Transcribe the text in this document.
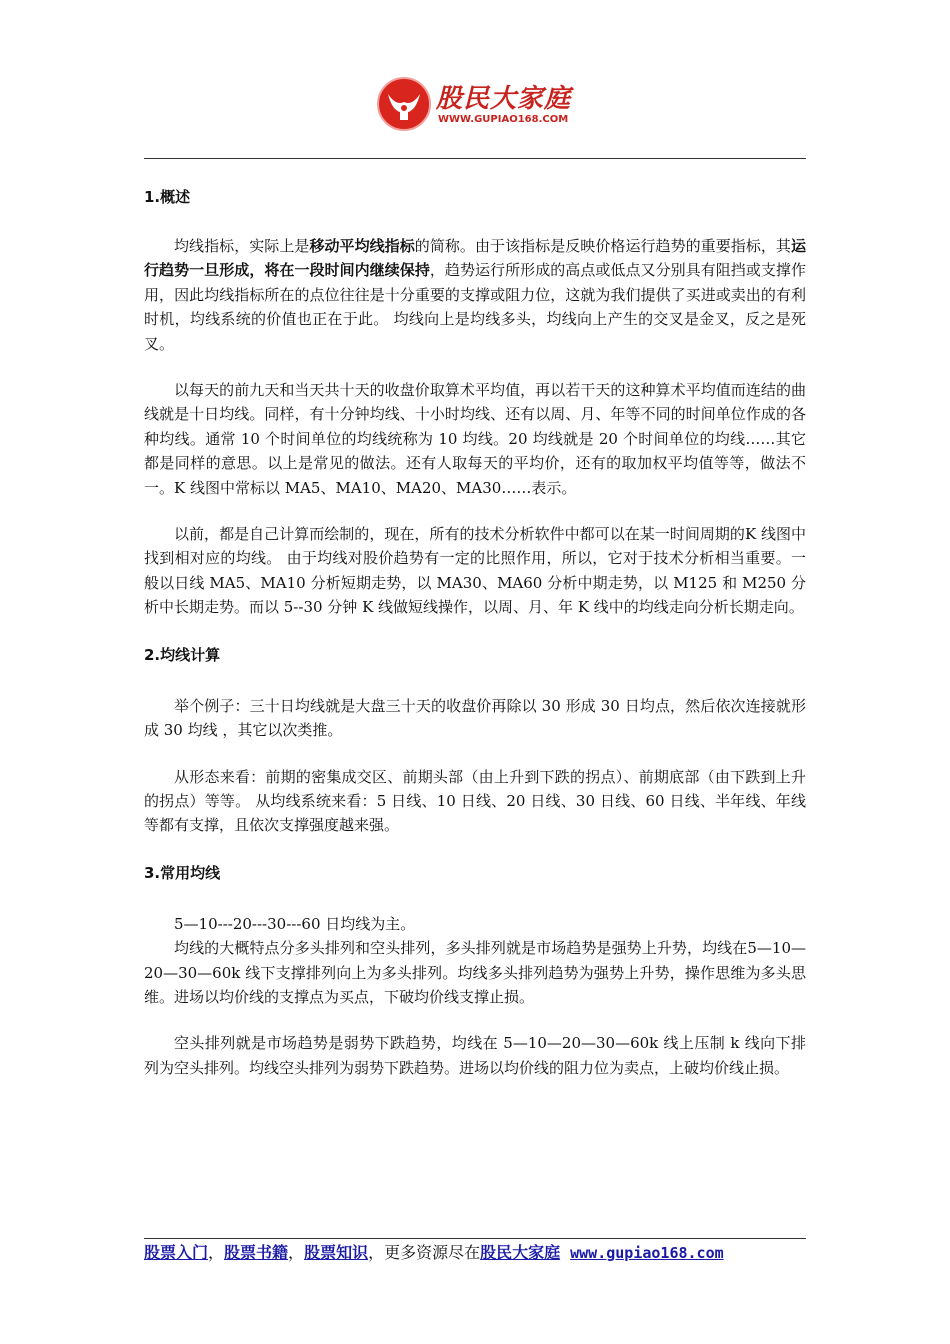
股民大家庭
WWW.GUPIAO168.COM
1.概述

均线指标，实际上是移动平均线指标的简称。由于该指标是反映价格运行趋势的重要指标，其运行趋势一旦形成，将在一段时间内继续保持，趋势运行所形成的高点或低点又分别具有阻挡或支撑作用，因此均线指标所在的点位往往是十分重要的支撑或阻力位，这就为我们提供了买进或卖出的有利时机，均线系统的价值也正在于此。 均线向上是均线多头，均线向上产生的交叉是金叉，反之是死叉。

以每天的前九天和当天共十天的收盘价取算术平均值，再以若干天的这种算术平均值而连结的曲线就是十日均线。同样，有十分钟均线、十小时均线、还有以周、月、年等不同的时间单位作成的各种均线。通常 10 个时间单位的均线统称为 10 均线。20 均线就是 20 个时间单位的均线……其它都是同样的意思。以上是常见的做法。还有人取每天的平均价，还有的取加权平均值等等，做法不一。K 线图中常标以 MA5、MA10、MA20、MA30……表示。

以前，都是自己计算而绘制的，现在，所有的技术分析软件中都可以在某一时间周期的K 线图中找到相对应的均线。 由于均线对股价趋势有一定的比照作用，所以，它对于技术分析相当重要。一般以日线 MA5、MA10 分析短期走势，以 MA30、MA60 分析中期走势，以 M125 和 M250 分析中长期走势。而以 5--30 分钟 K 线做短线操作，以周、月、年 K 线中的均线走向分析长期走向。

2.均线计算

举个例子：三十日均线就是大盘三十天的收盘价再除以 30 形成 30 日均点，然后依次连接就形成 30 均线 ，其它以次类推。

从形态来看：前期的密集成交区、前期头部（由上升到下跌的拐点）、前期底部（由下跌到上升的拐点）等等。 从均线系统来看：5 日线、10 日线、20 日线、30 日线、60 日线、半年线、年线等都有支撑，且依次支撑强度越来强。

3.常用均线

5—10---20---30---60 日均线为主。

均线的大概特点分多头排列和空头排列，多头排列就是市场趋势是强势上升势，均线在5—10—20—30—60k 线下支撑排列向上为多头排列。均线多头排列趋势为强势上升势，操作思维为多头思维。进场以均价线的支撑点为买点，下破均价线支撑止损。

空头排列就是市场趋势是弱势下跌趋势，均线在 5—10—20—30—60k 线上压制 k 线向下排列为空头排列。均线空头排列为弱势下跌趋势。进场以均价线的阻力位为卖点，上破均价线止损。

股票入门，股票书籍，股票知识，更多资源尽在股民大家庭 www.gupiao168.com
